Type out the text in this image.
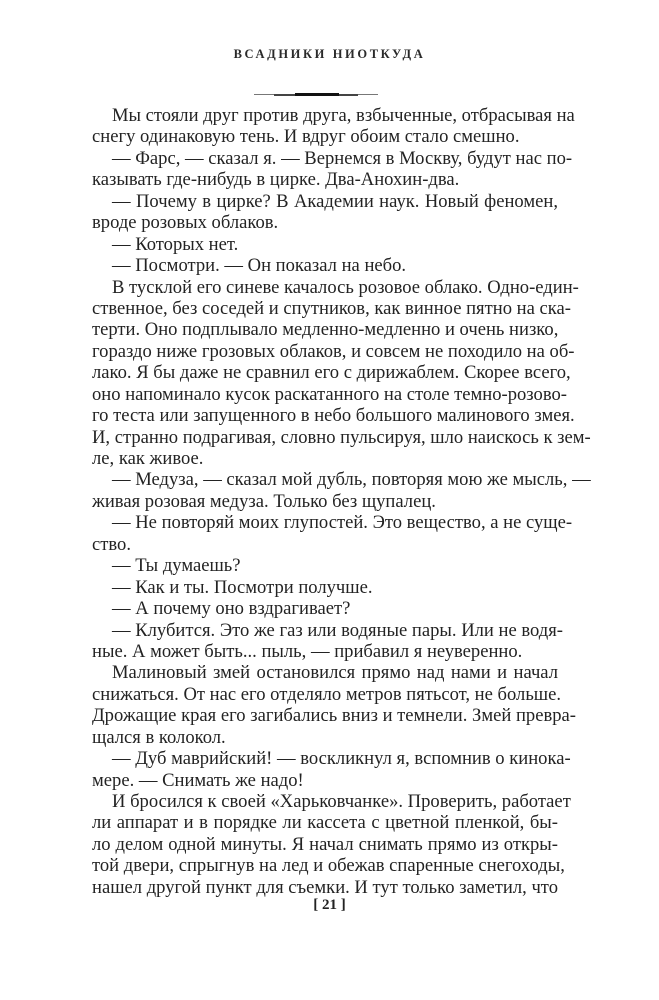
ВСАДНИКИ НИОТКУДА
Мы стояли друг против друга, взбыченные, отбрасывая на
снегу одинаковую тень. И вдруг обоим стало смешно.
— Фарс, — сказал я. — Вернемся в Москву, будут нас по-
казывать где-нибудь в цирке. Два-Анохин-два.
— Почему в цирке? В Академии наук. Новый феномен,
вроде розовых облаков.
— Которых нет.
— Посмотри. — Он показал на небо.
В тусклой его синеве качалось розовое облако. Одно-един-
ственное, без соседей и спутников, как винное пятно на ска-
терти. Оно подплывало медленно-медленно и очень низко,
гораздо ниже грозовых облаков, и совсем не походило на об-
лако. Я бы даже не сравнил его с дирижаблем. Скорее всего,
оно напоминало кусок раскатанного на столе темно-розово-
го теста или запущенного в небо большого малинового змея.
И, странно подрагивая, словно пульсируя, шло наискось к зем-
ле, как живое.
— Медуза, — сказал мой дубль, повторяя мою же мысль, —
живая розовая медуза. Только без щупалец.
— Не повторяй моих глупостей. Это вещество, а не суще-
ство.
— Ты думаешь?
— Как и ты. Посмотри получше.
— А почему оно вздрагивает?
— Клубится. Это же газ или водяные пары. Или не водя-
ные. А может быть... пыль, — прибавил я неуверенно.
Малиновый змей остановился прямо над нами и начал
снижаться. От нас его отделяло метров пятьсот, не больше.
Дрожащие края его загибались вниз и темнели. Змей превра-
щался в колокол.
— Дуб маврийский! — воскликнул я, вспомнив о кинока-
мере. — Снимать же надо!
И бросился к своей «Харьковчанке». Проверить, работает
ли аппарат и в порядке ли кассета с цветной пленкой, бы-
ло делом одной минуты. Я начал снимать прямо из откры-
той двери, спрыгнув на лед и обежав спаренные снегоходы,
нашел другой пункт для съемки. И тут только заметил, что
[ 21 ]
